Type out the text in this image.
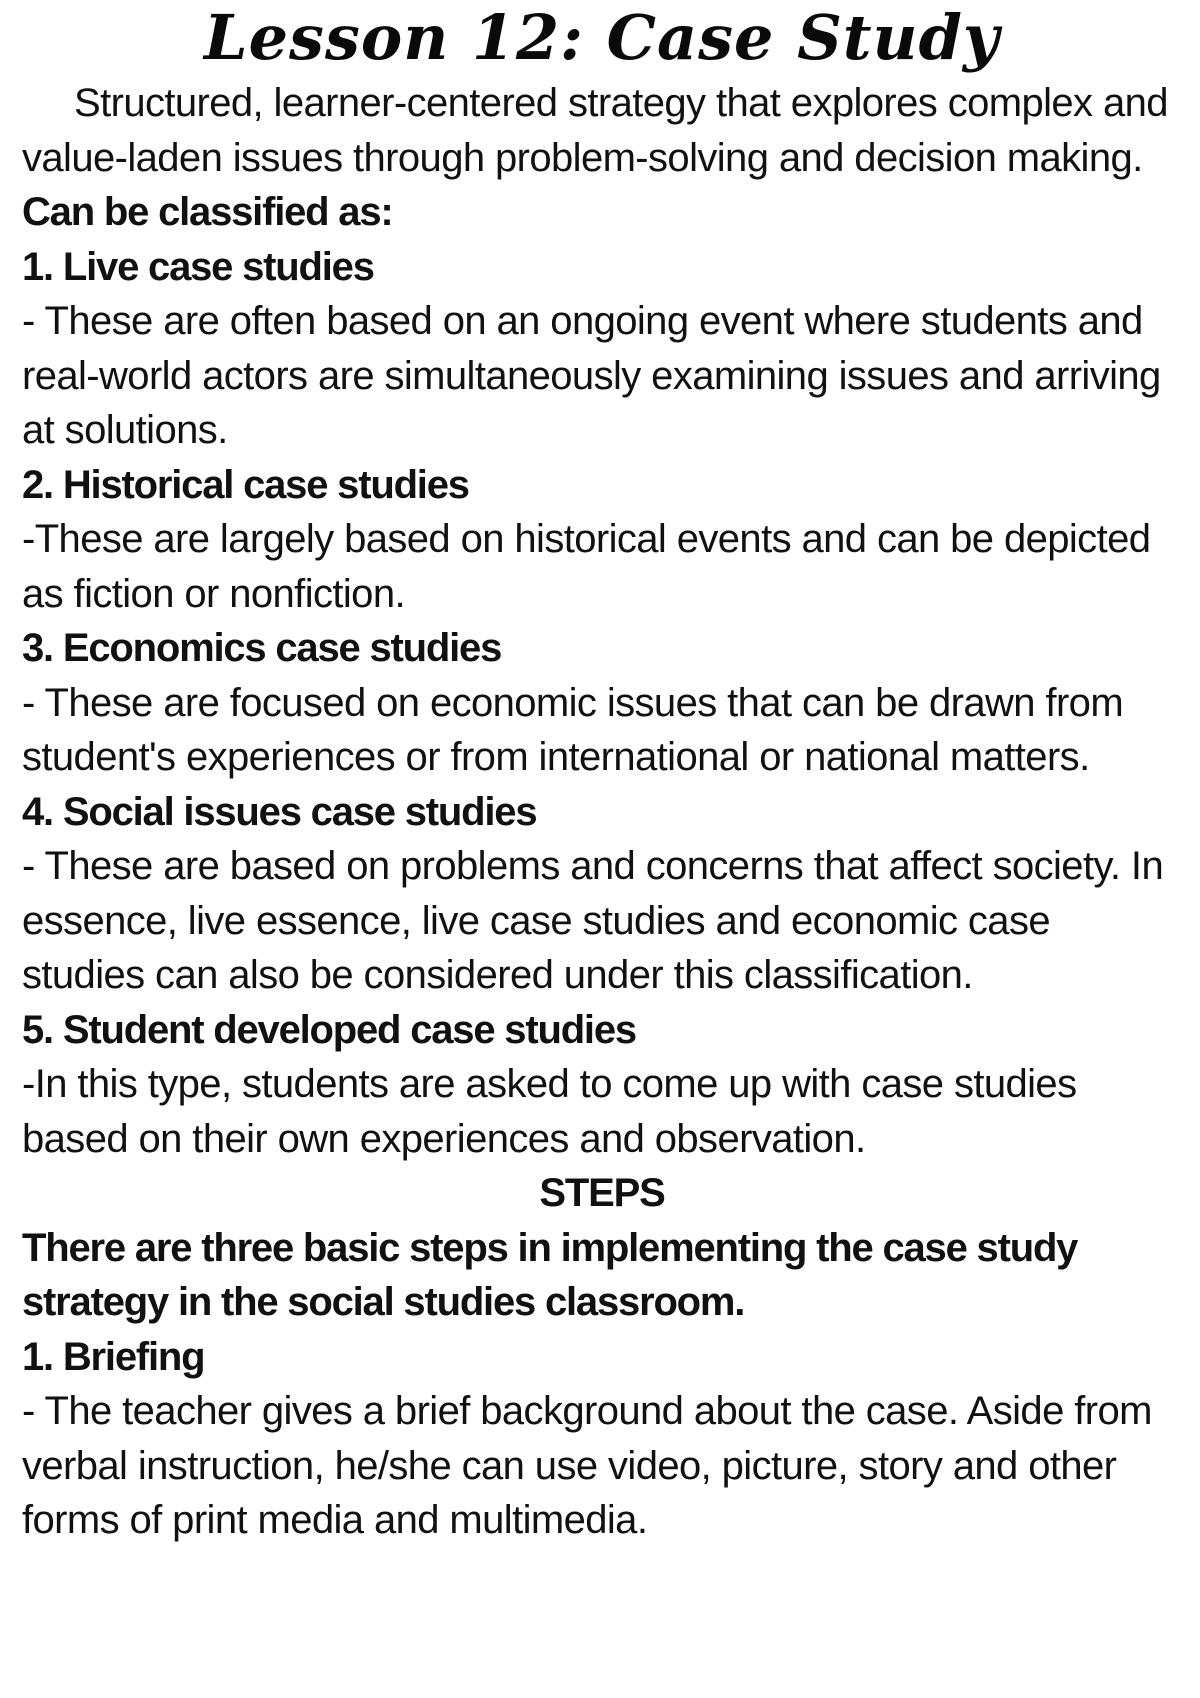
Lesson 12: Case Study

Structured, learner-centered strategy that explores complex and value-laden issues through problem-solving and decision making.

Can be classified as:

1. Live case studies

- These are often based on an ongoing event where students and real-world actors are simultaneously examining issues and arriving at solutions.

2. Historical case studies

-These are largely based on historical events and can be depicted as fiction or nonfiction.

3. Economics case studies

- These are focused on economic issues that can be drawn from student's experiences or from international or national matters.

4. Social issues case studies

- These are based on problems and concerns that affect society. In essence, live essence, live case studies and economic case studies can also be considered under this classification.

5. Student developed case studies

-In this type, students are asked to come up with case studies based on their own experiences and observation.

STEPS

There are three basic steps in implementing the case study strategy in the social studies classroom.

1. Briefing

- The teacher gives a brief background about the case. Aside from verbal instruction, he/she can use video, picture, story and other forms of print media and multimedia.
